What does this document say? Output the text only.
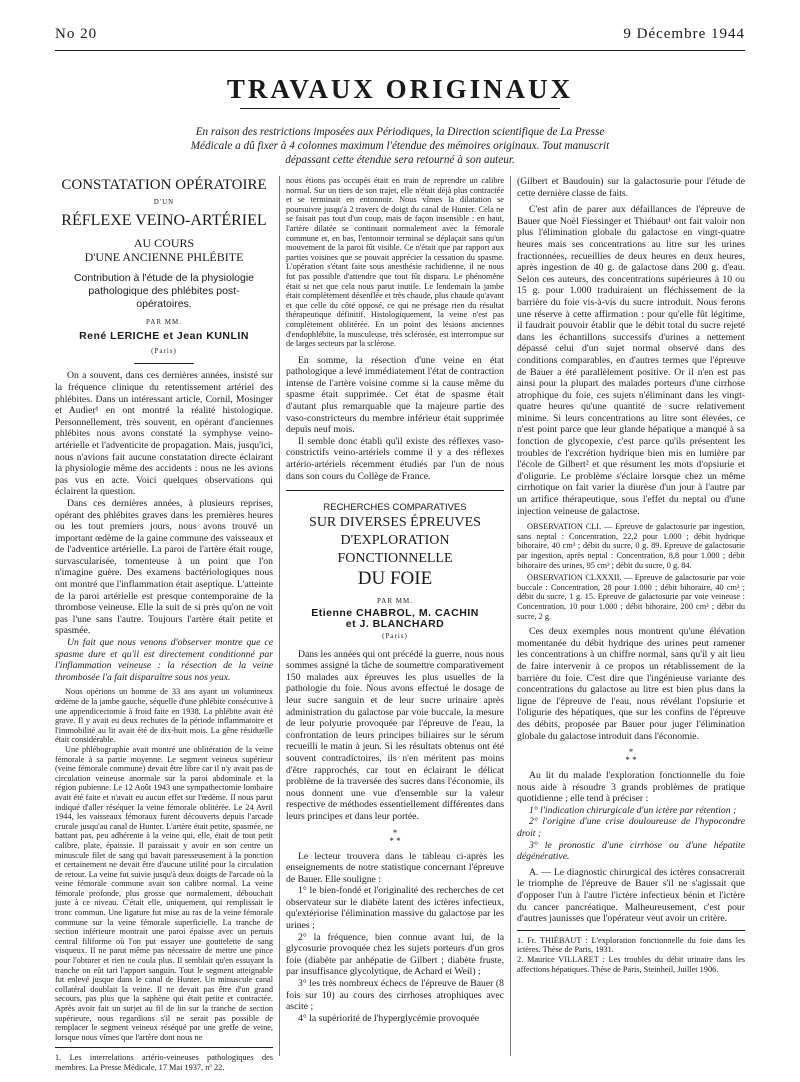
No 20	9 Décembre 1944
TRAVAUX ORIGINAUX
En raison des restrictions imposées aux Périodiques, la Direction scientifique de La Presse Médicale a dû fixer à 4 colonnes maximum l'étendue des mémoires originaux. Tout manuscrit dépassant cette étendue sera retourné à son auteur.
CONSTATATION OPÉRATOIRE
D'UN
RÉFLEXE VEINO-ARTÉRIEL
AU COURS
D'UNE ANCIENNE PHLÉBITE
Contribution à l'étude de la physiologie pathologique des phlébites post-opératoires.
PAR MM.
René LERICHE et Jean KUNLIN
(Paris)

On a souvent, dans ces dernières années, insisté sur la fréquence clinique du retentissement artériel des phlébites. Dans un intéressant article, Cornil, Mosinger et Audier¹ en ont montré la réalité histologique. Personnellement, très souvent, en opérant d'anciennes phlébites nous avons constaté la symphyse veino-artérielle et l'adventicite de propagation. Mais, jusqu'ici, nous n'avions fait aucune constatation directe éclairant la physiologie même des accidents : nous ne les avions pas vus en acte. Voici quelques observations qui éclairent la question.

Dans ces dernières années, à plusieurs reprises, opérant des phlébites graves dans les premières heures ou les tout premiers jours, nous avons trouvé un important œdème de la gaine commune des vaisseaux et de l'adventice artérielle. La paroi de l'artère était rouge, survascularisée, tomenteuse à un point que l'on n'imagine guère. Des examens bactériologiques nous ont montré que l'inflammation était aseptique. L'atteinte de la paroi artérielle est presque contemporaine de la thrombose veineuse. Elle la suit de si près qu'on ne voit pas l'une sans l'autre. Toujours l'artère était petite et spasmée.

Un fait que nous venons d'observer montre que ce spasme dure et qu'il est directement conditionné par l'inflammation veineuse : la résection de la veine thrombosée l'a fait disparaître sous nos yeux.

Nous opérions un homme de 33 ans ayant un volumineux œdème de la jambe gauche, séquelle d'une phlébite consécutive à une appendicectomie à froid faite en 1938. La phlébite avait été grave. Il y avait eu deux rechutes de la période inflammatoire et l'immobilité au lit avait été de dix-huit mois. La gêne résiduelle était considérable.

Une phlébographie avait montré une oblitération de la veine fémorale à sa partie moyenne. Le segment veineux supérieur (veine fémorale commune) devait être libre car il n'y avait pas de circulation veineuse anormale sur la paroi abdominale et la région pubienne. Le 12 Août 1943 une sympathectomie lombaire avait été faite et n'avait eu aucun effet sur l'œdème. Il nous parut indiqué d'aller réséquer la veine fémorale oblitérée. Le 24 Avril 1944, les vaisseaux fémoraux furent découverts depuis l'arcade crurale jusqu'au canal de Hunter. L'artère était petite, spasmée, ne battant pas, peu adhérente à la veine qui, elle, était de tout petit calibre, plate, épaissie. Il paraissait y avoir en son centre un minuscule filet de sang qui bavait paresseusement à la ponction et certainement ne devait être d'aucune utilité pour la circulation de retour. La veine fut suivie jusqu'à deux doigts de l'arcade où la veine fémorale commune avait son calibre normal. La veine fémorale profonde, plus grosse que normalement, débouchait juste à ce niveau. C'était elle, uniquement, qui remplissait le tronc commun. Une ligature fut mise au ras de la veine fémorale commune sur la veine fémorale superficielle. La tranche de section inférieure montrait une paroi épaisse avec un pertuis central filiforme où l'on put essayer une gouttelette de sang visqueux. Il ne parut même pas nécessaire de mettre une pince pour l'obturer et rien ne coula plus. Il semblait qu'en essuyant la tranche on eût tari l'apport sanguin. Tout le segment atteignable fut enlevé jusque dans le canal de Hunter. Un minuscule canal collatéral doublait la veine. Il ne devait pas être d'un grand secours, pas plus que la saphène qui était petite et contractée. Après avoir fait un surjet au fil de lin sur la tranche de section supérieure, nous regardions s'il ne serait pas possible de remplacer le segment veineux réséqué par une greffe de veine, lorsque nous vîmes que l'artère dont nous ne

1. Les interrelations artério-veineuses pathologiques des membres. La Presse Médicale, 17 Mai 1937, nº 22.

nous étions pas occupés était en train de reprendre un calibre normal. Sur un tiers de son trajet, elle n'était déjà plus contractée et se terminait en entonnoir. Nous vîmes la dilatation se poursuivre jusqu'à 2 travers de doigt du canal de Hunter. Cela ne se faisait pas tout d'un coup, mais de façon insensible : en haut, l'artère dilatée se continuait normalement avec la fémorale commune et, en bas, l'entonnoir terminal se déplaçait sans qu'un mouvement de la paroi fût visible. Ce n'était que par rapport aux parties voisines que se pouvait apprécier la cessation du spasme. L'opération s'étant faite sous anesthésie rachidienne, il ne nous fut pas possible d'attendre que tout fût disparu. Le phénomène était si net que cela nous parut inutile. Le lendemain la jambe était complètement désenflée et très chaude, plus chaude qu'avant et que celle du côté opposé, ce qui ne présage rien du résultat thérapeutique définitif. Histologiquement, la veine n'est pas complètement oblitérée. En un point des lésions anciennes d'endophlébite, la musculeuse, très sclérosée, est interrompue sur de larges secteurs par la sclérose.

En somme, la résection d'une veine en état pathologique a levé immédiatement l'état de contraction intense de l'artère voisine comme si la cause même du spasme était supprimée. Cet état de spasme était d'autant plus remarquable que la majeure partie des vaso-constricteurs du membre inférieur était supprimée depuis neuf mois.

Il semble donc établi qu'il existe des réflexes vaso-constrictifs veino-artériels comme il y a des réflexes artério-artériels récemment étudiés par l'un de nous dans son cours du Collège de France.

RECHERCHES COMPARATIVES
SUR DIVERSES ÉPREUVES
D'EXPLORATION FONCTIONNELLE
DU FOIE
PAR MM.
Etienne CHABROL, M. CACHIN
et J. BLANCHARD
(Paris)

Dans les années qui ont précédé la guerre, nous nous sommes assigné la tâche de soumettre comparativement 150 malades aux épreuves les plus usuelles de la pathologie du foie. Nous avons effectué le dosage de leur sucre sanguin et de leur sucre urinaire après administration du galactose par voie buccale, la mesure de leur polyurie provoquée par l'épreuve de l'eau, la confrontation de leurs principes biliaires sur le sérum recueilli le matin à jeun. Si les résultats obtenus ont été souvent contradictoires, ils n'en méritent pas moins d'être rapprochés, car tout en éclairant le délicat problème de la traversée des sucres dans l'économie, ils nous donnent une vue d'ensemble sur la valeur respective de méthodes essentiellement différentes dans leurs principes et dans leur portée.

*
* *

Le lecteur trouvera dans le tableau ci-après les enseignements de notre statistique concernant l'épreuve de Bauer. Elle souligne :

1° le bien-fondé et l'originalité des recherches de cet observateur sur le diabète latent des ictères infectieux, qu'extériorise l'élimination massive du galactose par les urines ;

2° la fréquence, bien connue avant lui, de la glycosurie provoquée chez les sujets porteurs d'un gros foie (diabète par anhépatie de Gilbert ; diabète fruste, par insuffisance glycolytique, de Achard et Weil) ;

3° les très nombreux échecs de l'épreuve de Bauer (8 fois sur 10) au cours des cirrhoses atrophiques avec ascite ;

4° la supériorité de l'hyperglycémie provoquée

(Gilbert et Baudouin) sur la galactosurie pour l'étude de cette dernière classe de faits.

C'est afin de parer aux défaillances de l'épreuve de Bauer que Noël Fiessinger et Thiébaut¹ ont fait valoir non plus l'élimination globale du galactose en vingt-quatre heures mais ses concentrations au litre sur les urines fractionnées, recueillies de deux heures en deux heures, après ingestion de 40 g. de galactose dans 200 g. d'eau. Selon ces auteurs, des concentrations supérieures à 10 ou 15 g. pour 1.000 traduiraient un fléchissement de la barrière du foie vis-à-vis du sucre introduit. Nous ferons une réserve à cette affirmation : pour qu'elle fût légitime, il faudrait pouvoir établir que le débit total du sucre rejeté dans les échantillons successifs d'urines a nettement dépassé celui d'un sujet normal observé dans des conditions comparables, en d'autres termes que l'épreuve de Bauer a été parallèlement positive. Or il n'en est pas ainsi pour la plupart des malades porteurs d'une cirrhose atrophique du foie, ces sujets n'éliminant dans les vingt-quatre heures qu'une quantité de sucre relativement minime. Si leurs concentrations au litre sont élevées, ce n'est point parce que leur glande hépatique a manqué à sa fonction de glycopexie, c'est parce qu'ils présentent les troubles de l'excrétion hydrique bien mis en lumière par l'école de Gilbert² et que résument les mots d'opsiurie et d'oligurie. Le problème s'éclaire lorsque chez un même cirrhotique on fait varier la diurèse d'un jour à l'autre par un artifice thérapeutique, sous l'effet du neptal ou d'une injection veineuse de galactose.

OBSERVATION CLI. — Epreuve de galactosurie par ingestion, sans neptal : Concentration, 22,2 pour 1.000 ; débit hydrique bihoraire, 40 cm³ ; débit du sucre, 0 g. 89. Epreuve de galactosurie par ingestion, après neptal : Concentration, 8,8 pour 1.000 ; débit bihoraire des urines, 95 cm³ ; débit du sucre, 0 g. 84.

OBSERVATION CLXXXII. — Epreuve de galactosurie par voie buccale : Concentration, 28 pour 1.000 ; débit bihoraire, 40 cm³ ; débit du sucre, 1 g. 15. Epreuve de galactosurie par voie veineuse : Concentration, 10 pour 1.000 ; débit bihoraire, 200 cm³ ; débit du sucre, 2 g.

Ces deux exemples nous montrent qu'une élévation momentanée du débit hydrique des urines peut ramener les concentrations à un chiffre normal, sans qu'il y ait lieu de faire intervenir à ce propos un rétablissement de la barrière du foie. C'est dire que l'ingénieuse variante des concentrations du galactose au litre est bien plus dans la ligne de l'épreuve de l'eau, nous révélant l'opsiurie et l'oligurie des hépatiques, que sur les confins de l'épreuve des débits, proposée par Bauer pour juger l'élimination globale du galactose introduit dans l'économie.

*
* *

Au lit du malade l'exploration fonctionnelle du foie nous aide à résoudre 3 grands problèmes de pratique quotidienne ; elle tend à préciser :

1° l'indication chirurgicale d'un ictère par rétention ;

2° l'origine d'une crise douloureuse de l'hypocondre droit ;

3° le pronostic d'une cirrhose ou d'une hépatite dégénérative.

A. — Le diagnostic chirurgical des ictères consacrerait le triomphe de l'épreuve de Bauer s'il ne s'agissait que d'opposer l'un à l'autre l'ictère infectieux bénin et l'ictère du cancer pancréatique. Malheureusement, c'est pour d'autres jaunisses que l'opérateur veut avoir un critère.

1. Fr. THIÉBAUT : L'exploration fonctionnelle du foie dans les ictères. Thèse de Paris, 1931.
2. Maurice VILLARET : Les troubles du débit urinaire dans les affections hépatiques. Thèse de Paris, Steinheil, Juillet 1906.
